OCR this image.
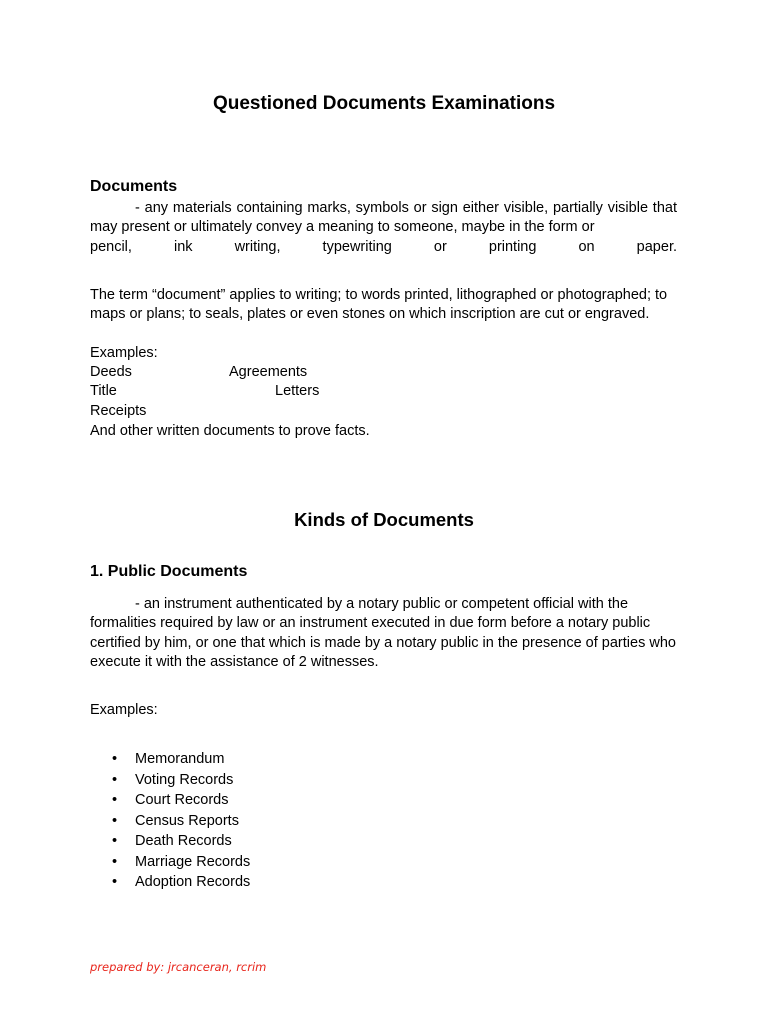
Questioned Documents Examinations
Documents
- any materials containing marks, symbols or sign either visible, partially visible that may present or ultimately convey a meaning to someone, maybe in the form or
pencil, ink writing, typewriting or printing on paper.
The term “document” applies to writing; to words printed, lithographed or photographed; to maps or plans; to seals, plates or even stones on which inscription are cut or engraved.
Examples:
Deeds	Agreements
Title	Letters
Receipts
And other written documents to prove facts.
Kinds of Documents
1. Public Documents
- an instrument authenticated by a notary public or competent official with the formalities required by law or an instrument executed in due form before a notary public certified by him, or one that which is made by a notary public in the presence of parties who execute it with the assistance of 2 witnesses.
Examples:
• Memorandum
• Voting Records
• Court Records
• Census Reports
• Death Records
• Marriage Records
• Adoption Records
prepared by: jrcanceran, rcrim
